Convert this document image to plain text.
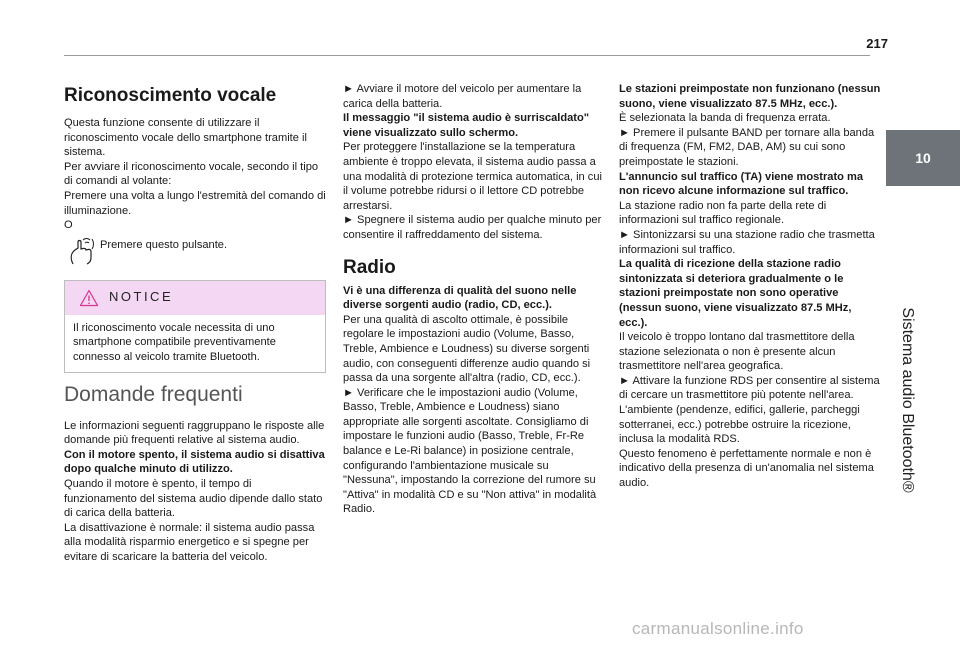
217
10
Sistema audio Bluetooth®
Riconoscimento vocale

Questa funzione consente di utilizzare il riconoscimento vocale dello smartphone tramite il sistema.

Per avviare il riconoscimento vocale, secondo il tipo di comandi al volante:

Premere una volta a lungo l'estremità del comando di illuminazione.

O

Premere questo pulsante.
NOTICE
Il riconoscimento vocale necessita di uno smartphone compatibile preventivamente connesso al veicolo tramite Bluetooth.
Domande frequenti

Le informazioni seguenti raggruppano le risposte alle domande più frequenti relative al sistema audio.

Con il motore spento, il sistema audio si disattiva dopo qualche minuto di utilizzo.

Quando il motore è spento, il tempo di funzionamento del sistema audio dipende dallo stato di carica della batteria.

La disattivazione è normale: il sistema audio passa alla modalità risparmio energetico e si spegne per evitare di scaricare la batteria del veicolo.

► Avviare il motore del veicolo per aumentare la carica della batteria.

Il messaggio "il sistema audio è surriscaldato" viene visualizzato sullo schermo.

Per proteggere l'installazione se la temperatura ambiente è troppo elevata, il sistema audio passa a una modalità di protezione termica automatica, in cui il volume potrebbe ridursi o il lettore CD potrebbe arrestarsi.

► Spegnere il sistema audio per qualche minuto per consentire il raffreddamento del sistema.

Radio

Vi è una differenza di qualità del suono nelle diverse sorgenti audio (radio, CD, ecc.).

Per una qualità di ascolto ottimale, è possibile regolare le impostazioni audio (Volume, Basso, Treble, Ambience e Loudness) su diverse sorgenti audio, con conseguenti differenze audio quando si passa da una sorgente all'altra (radio, CD, ecc.).

► Verificare che le impostazioni audio (Volume, Basso, Treble, Ambience e Loudness) siano appropriate alle sorgenti ascoltate. Consigliamo di impostare le funzioni audio (Basso, Treble, Fr-Re balance e Le-Ri balance) in posizione centrale, configurando l'ambientazione musicale su "Nessuna", impostando la correzione del rumore su "Attiva" in modalità CD e su "Non attiva" in modalità Radio.

Le stazioni preimpostate non funzionano (nessun suono, viene visualizzato 87.5 MHz, ecc.).

È selezionata la banda di frequenza errata.

► Premere il pulsante BAND per tornare alla banda di frequenza (FM, FM2, DAB, AM) su cui sono preimpostate le stazioni.

L'annuncio sul traffico (TA) viene mostrato ma non ricevo alcune informazione sul traffico.

La stazione radio non fa parte della rete di informazioni sul traffico regionale.

► Sintonizzarsi su una stazione radio che trasmetta informazioni sul traffico.

La qualità di ricezione della stazione radio sintonizzata si deteriora gradualmente o le stazioni preimpostate non sono operative (nessun suono, viene visualizzato 87.5 MHz, ecc.).

Il veicolo è troppo lontano dal trasmettitore della stazione selezionata o non è presente alcun trasmettitore nell'area geografica.

► Attivare la funzione RDS per consentire al sistema di cercare un trasmettitore più potente nell'area.

L'ambiente (pendenze, edifici, gallerie, parcheggi sotterranei, ecc.) potrebbe ostruire la ricezione, inclusa la modalità RDS.

Questo fenomeno è perfettamente normale e non è indicativo della presenza di un'anomalia nel sistema audio.

carmanualsonline.info
